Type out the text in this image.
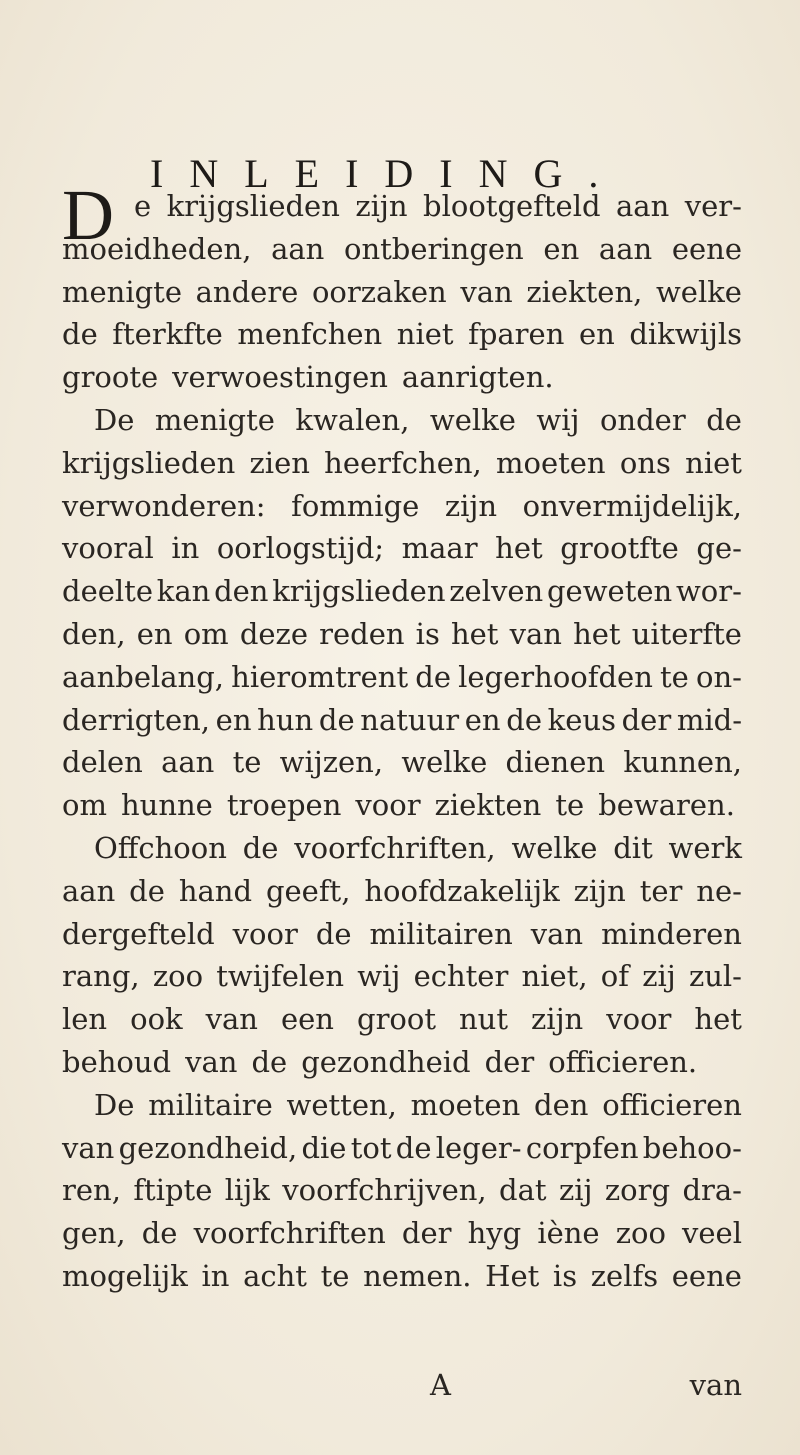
INLEIDING.
D e krijgslieden zijn blootgefteld aan ver-
moeidheden, aan ontberingen en aan eene
menigte andere oorzaken van ziekten, welke
de fterkfte menfchen niet fparen en dikwijls
groote verwoestingen aanrigten.
De menigte kwalen, welke wij onder de
krijgslieden zien heerfchen, moeten ons niet
verwonderen: fommige zijn onvermijdelijk,
vooral in oorlogstijd; maar het grootfte ge-
deelte kan den krijgslieden zelven geweten wor-
den, en om deze reden is het van het uiterfte
aanbelang, hieromtrent de legerhoofden te on-
derrigten, en hun de natuur en de keus der mid-
delen aan te wijzen, welke dienen kunnen,
om hunne troepen voor ziekten te bewaren.
Offchoon de voorfchriften, welke dit werk
aan de hand geeft, hoofdzakelijk zijn ter ne-
dergefteld voor de militairen van minderen
rang, zoo twijfelen wij echter niet, of zij zul-
len ook van een groot nut zijn voor het
behoud van de gezondheid der officieren.
De militaire wetten, moeten den officieren
van gezondheid, die tot de leger- corpfen behoo-
ren, ftipte lijk voorfchrijven, dat zij zorg dra-
gen, de voorfchriften der hyg iène zoo veel
mogelijk in acht te nemen. Het is zelfs eene
A	van
